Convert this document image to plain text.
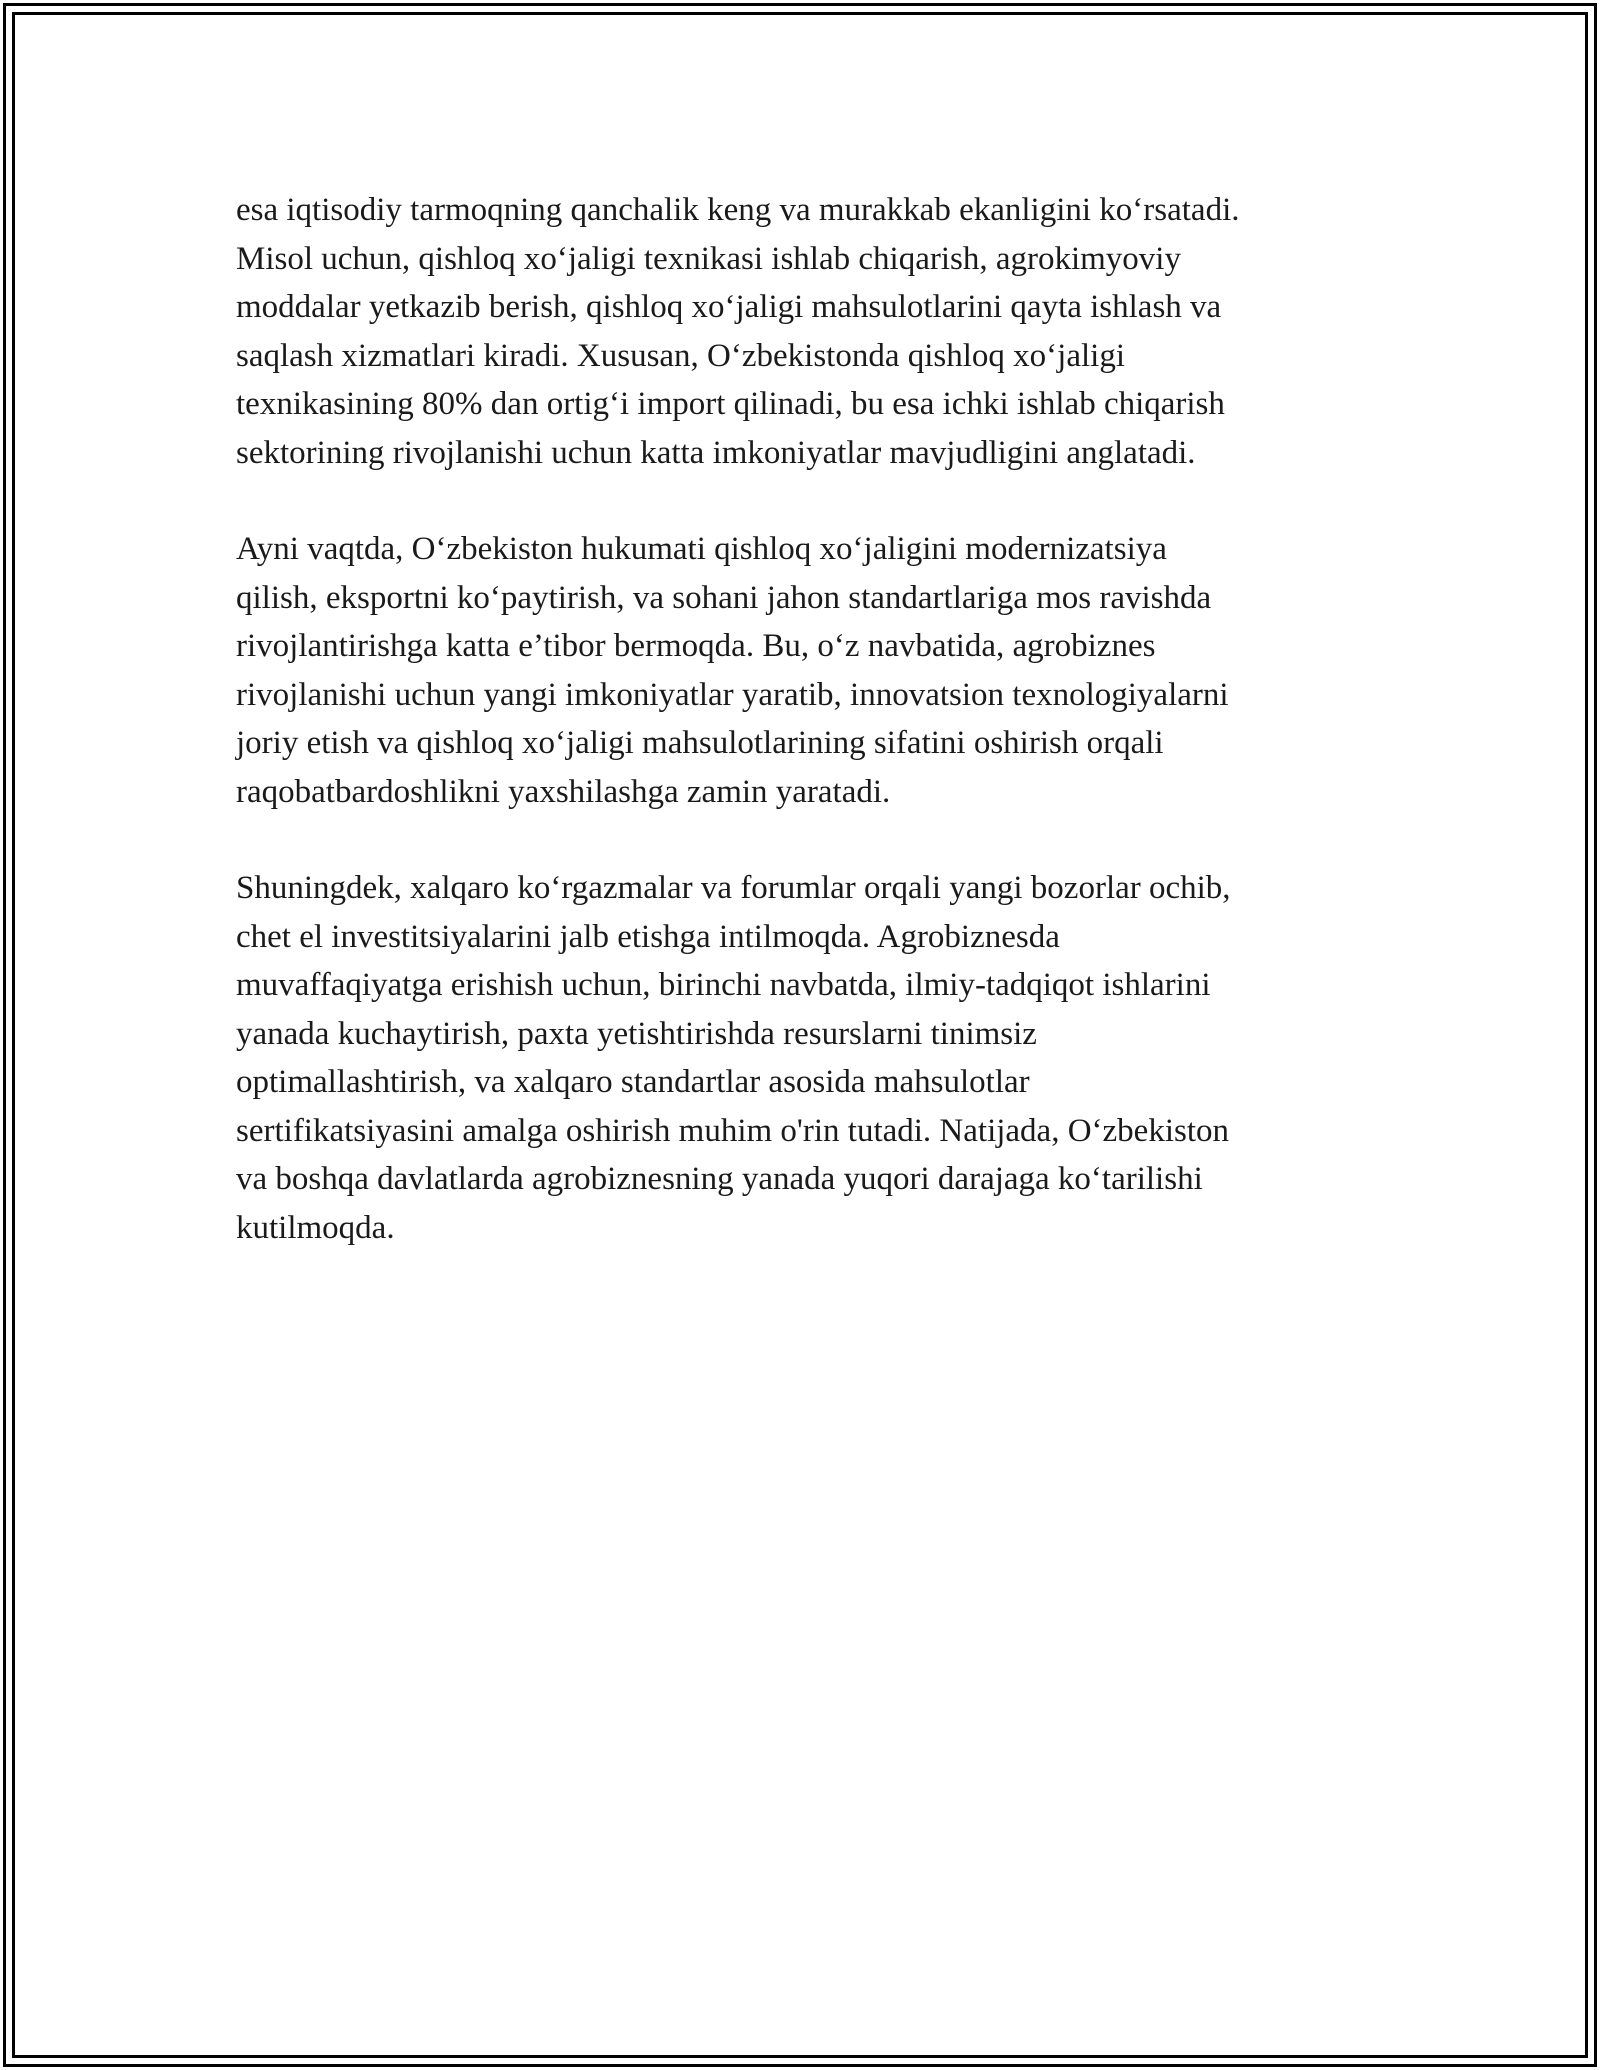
esa iqtisodiy tarmoqning qanchalik keng va murakkab ekanligini ko‘rsatadi.
Misol uchun, qishloq xo‘jaligi texnikasi ishlab chiqarish, agrokimyoviy
moddalar yetkazib berish, qishloq xo‘jaligi mahsulotlarini qayta ishlash va
saqlash xizmatlari kiradi. Xususan, O‘zbekistonda qishloq xo‘jaligi
texnikasining 80% dan ortig‘i import qilinadi, bu esa ichki ishlab chiqarish
sektorining rivojlanishi uchun katta imkoniyatlar mavjudligini anglatadi.

Ayni vaqtda, O‘zbekiston hukumati qishloq xo‘jaligini modernizatsiya
qilish, eksportni ko‘paytirish, va sohani jahon standartlariga mos ravishda
rivojlantirishga katta e’tibor bermoqda. Bu, o‘z navbatida, agrobiznes
rivojlanishi uchun yangi imkoniyatlar yaratib, innovatsion texnologiyalarni
joriy etish va qishloq xo‘jaligi mahsulotlarining sifatini oshirish orqali
raqobatbardoshlikni yaxshilashga zamin yaratadi.

Shuningdek, xalqaro ko‘rgazmalar va forumlar orqali yangi bozorlar ochib,
chet el investitsiyalarini jalb etishga intilmoqda. Agrobiznesda
muvaffaqiyatga erishish uchun, birinchi navbatda, ilmiy-tadqiqot ishlarini
yanada kuchaytirish, paxta yetishtirishda resurslarni tinimsiz
optimallashtirish, va xalqaro standartlar asosida mahsulotlar
sertifikatsiyasini amalga oshirish muhim o'rin tutadi. Natijada, O‘zbekiston
va boshqa davlatlarda agrobiznesning yanada yuqori darajaga ko‘tarilishi
kutilmoqda.
